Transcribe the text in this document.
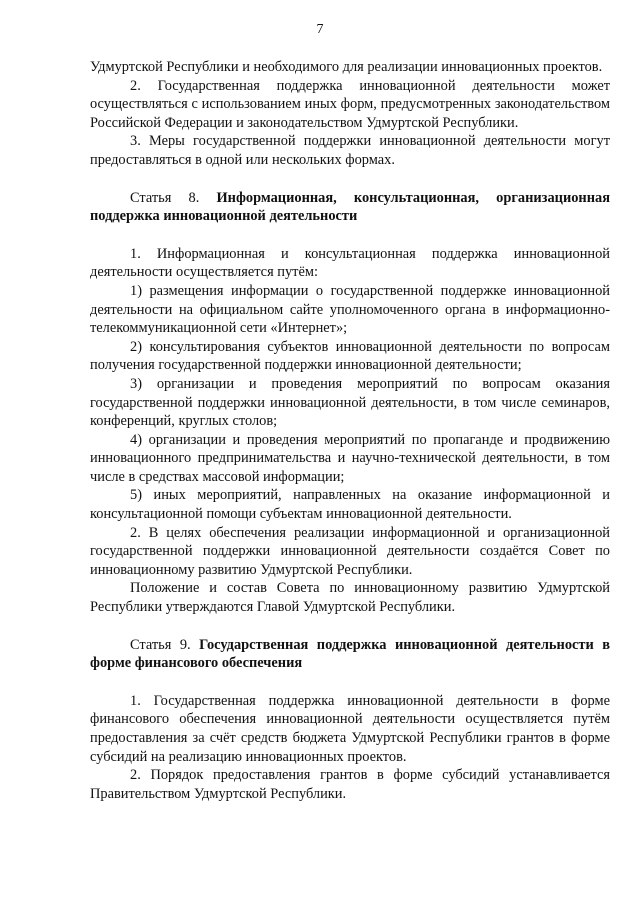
7

Удмуртской Республики и необходимого для реализации инновационных проектов.

2. Государственная поддержка инновационной деятельности может осуществляться с использованием иных форм, предусмотренных законодательством Российской Федерации и законодательством Удмуртской Республики.

3. Меры государственной поддержки инновационной деятельности могут предоставляться в одной или нескольких формах.

Статья 8. Информационная, консультационная, организационная поддержка инновационной деятельности

1. Информационная и консультационная поддержка инновационной деятельности осуществляется путём:

1) размещения информации о государственной поддержке инновационной деятельности на официальном сайте уполномоченного органа в информационно-телекоммуникационной сети «Интернет»;

2) консультирования субъектов инновационной деятельности по вопросам получения государственной поддержки инновационной деятельности;

3) организации и проведения мероприятий по вопросам оказания государственной поддержки инновационной деятельности, в том числе семинаров, конференций, круглых столов;

4) организации и проведения мероприятий по пропаганде и продвижению инновационного предпринимательства и научно-технической деятельности, в том числе в средствах массовой информации;

5) иных мероприятий, направленных на оказание информационной и консультационной помощи субъектам инновационной деятельности.

2. В целях обеспечения реализации информационной и организационной государственной поддержки инновационной деятельности создаётся Совет по инновационному развитию Удмуртской Республики.

Положение и состав Совета по инновационному развитию Удмуртской Республики утверждаются Главой Удмуртской Республики.

Статья 9. Государственная поддержка инновационной деятельности в форме финансового обеспечения

1. Государственная поддержка инновационной деятельности в форме финансового обеспечения инновационной деятельности осуществляется путём предоставления за счёт средств бюджета Удмуртской Республики грантов в форме субсидий на реализацию инновационных проектов.

2. Порядок предоставления грантов в форме субсидий устанавливается Правительством Удмуртской Республики.
